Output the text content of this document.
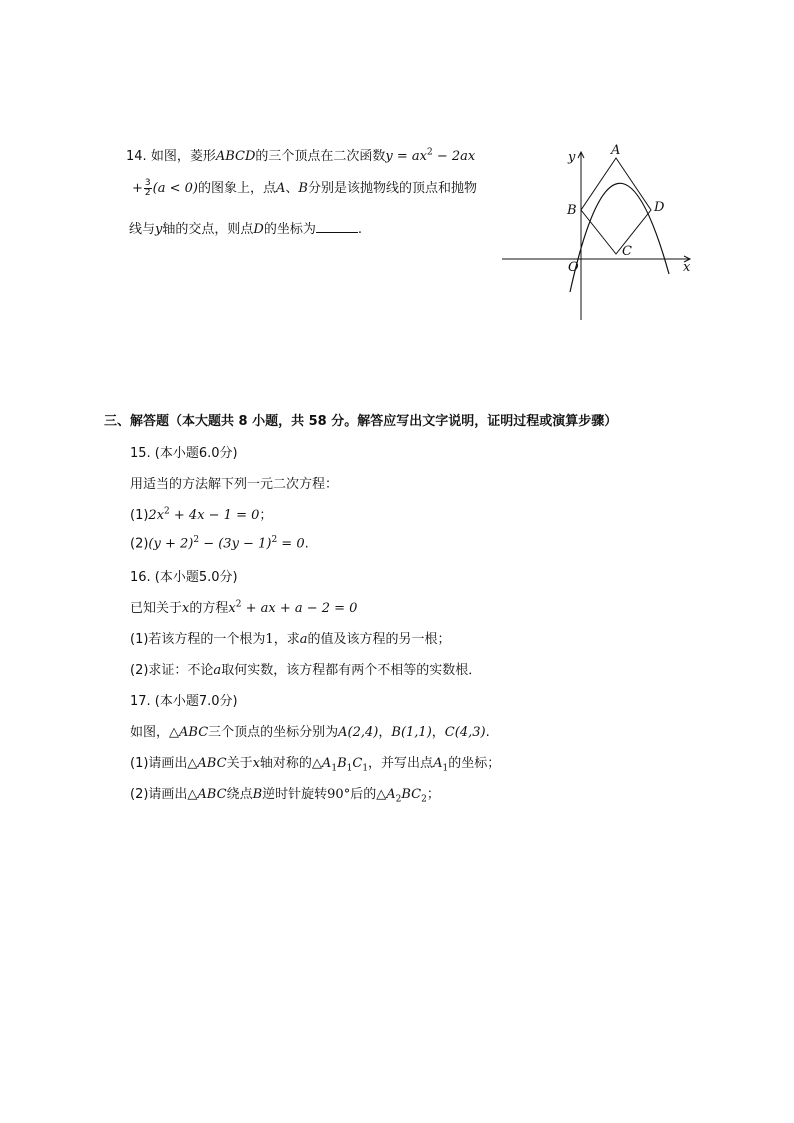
14. 如图，菱形ABCD的三个顶点在二次函数$y = ax^2 - 2ax$
+ $\frac{3}{2} (a < 0)$的图象上，点A、B分别是该抛物线的顶点和抛物
线与y轴的交点，则点D的坐标为	.
y
x
O
A
B
C
D
三、解答题（本大题共 8 小题，共 58 分。解答应写出文字说明，证明过程或演算步骤）
15. (本小题6.0分)
用适当的方法解下列一元二次方程：
$(1)2x^2 + 4x - 1 = 0$；
$(2)(y + 2)^2 - (3y - 1)^2 = 0$.
16. (本小题5.0分)
已知关于x的方程$x^2$ + ax + a − 2 = 0
(1)若该方程的一个根为1，求a的值及该方程的另一根；
(2)求证：不论a取何实数，该方程都有两个不相等的实数根．
17. (本小题7.0分)
如图，△ABC三个顶点的坐标分别为A(2,4)，B(1,1)，C(4,3).
(1)请画出△ABC关于x轴对称的$\triangle A_1B_1C_1$，并写出点$A_1$的坐标；
(2)请画出△ABC绕点B逆时针旋转90°后的$\triangle A_2BC_2$；
